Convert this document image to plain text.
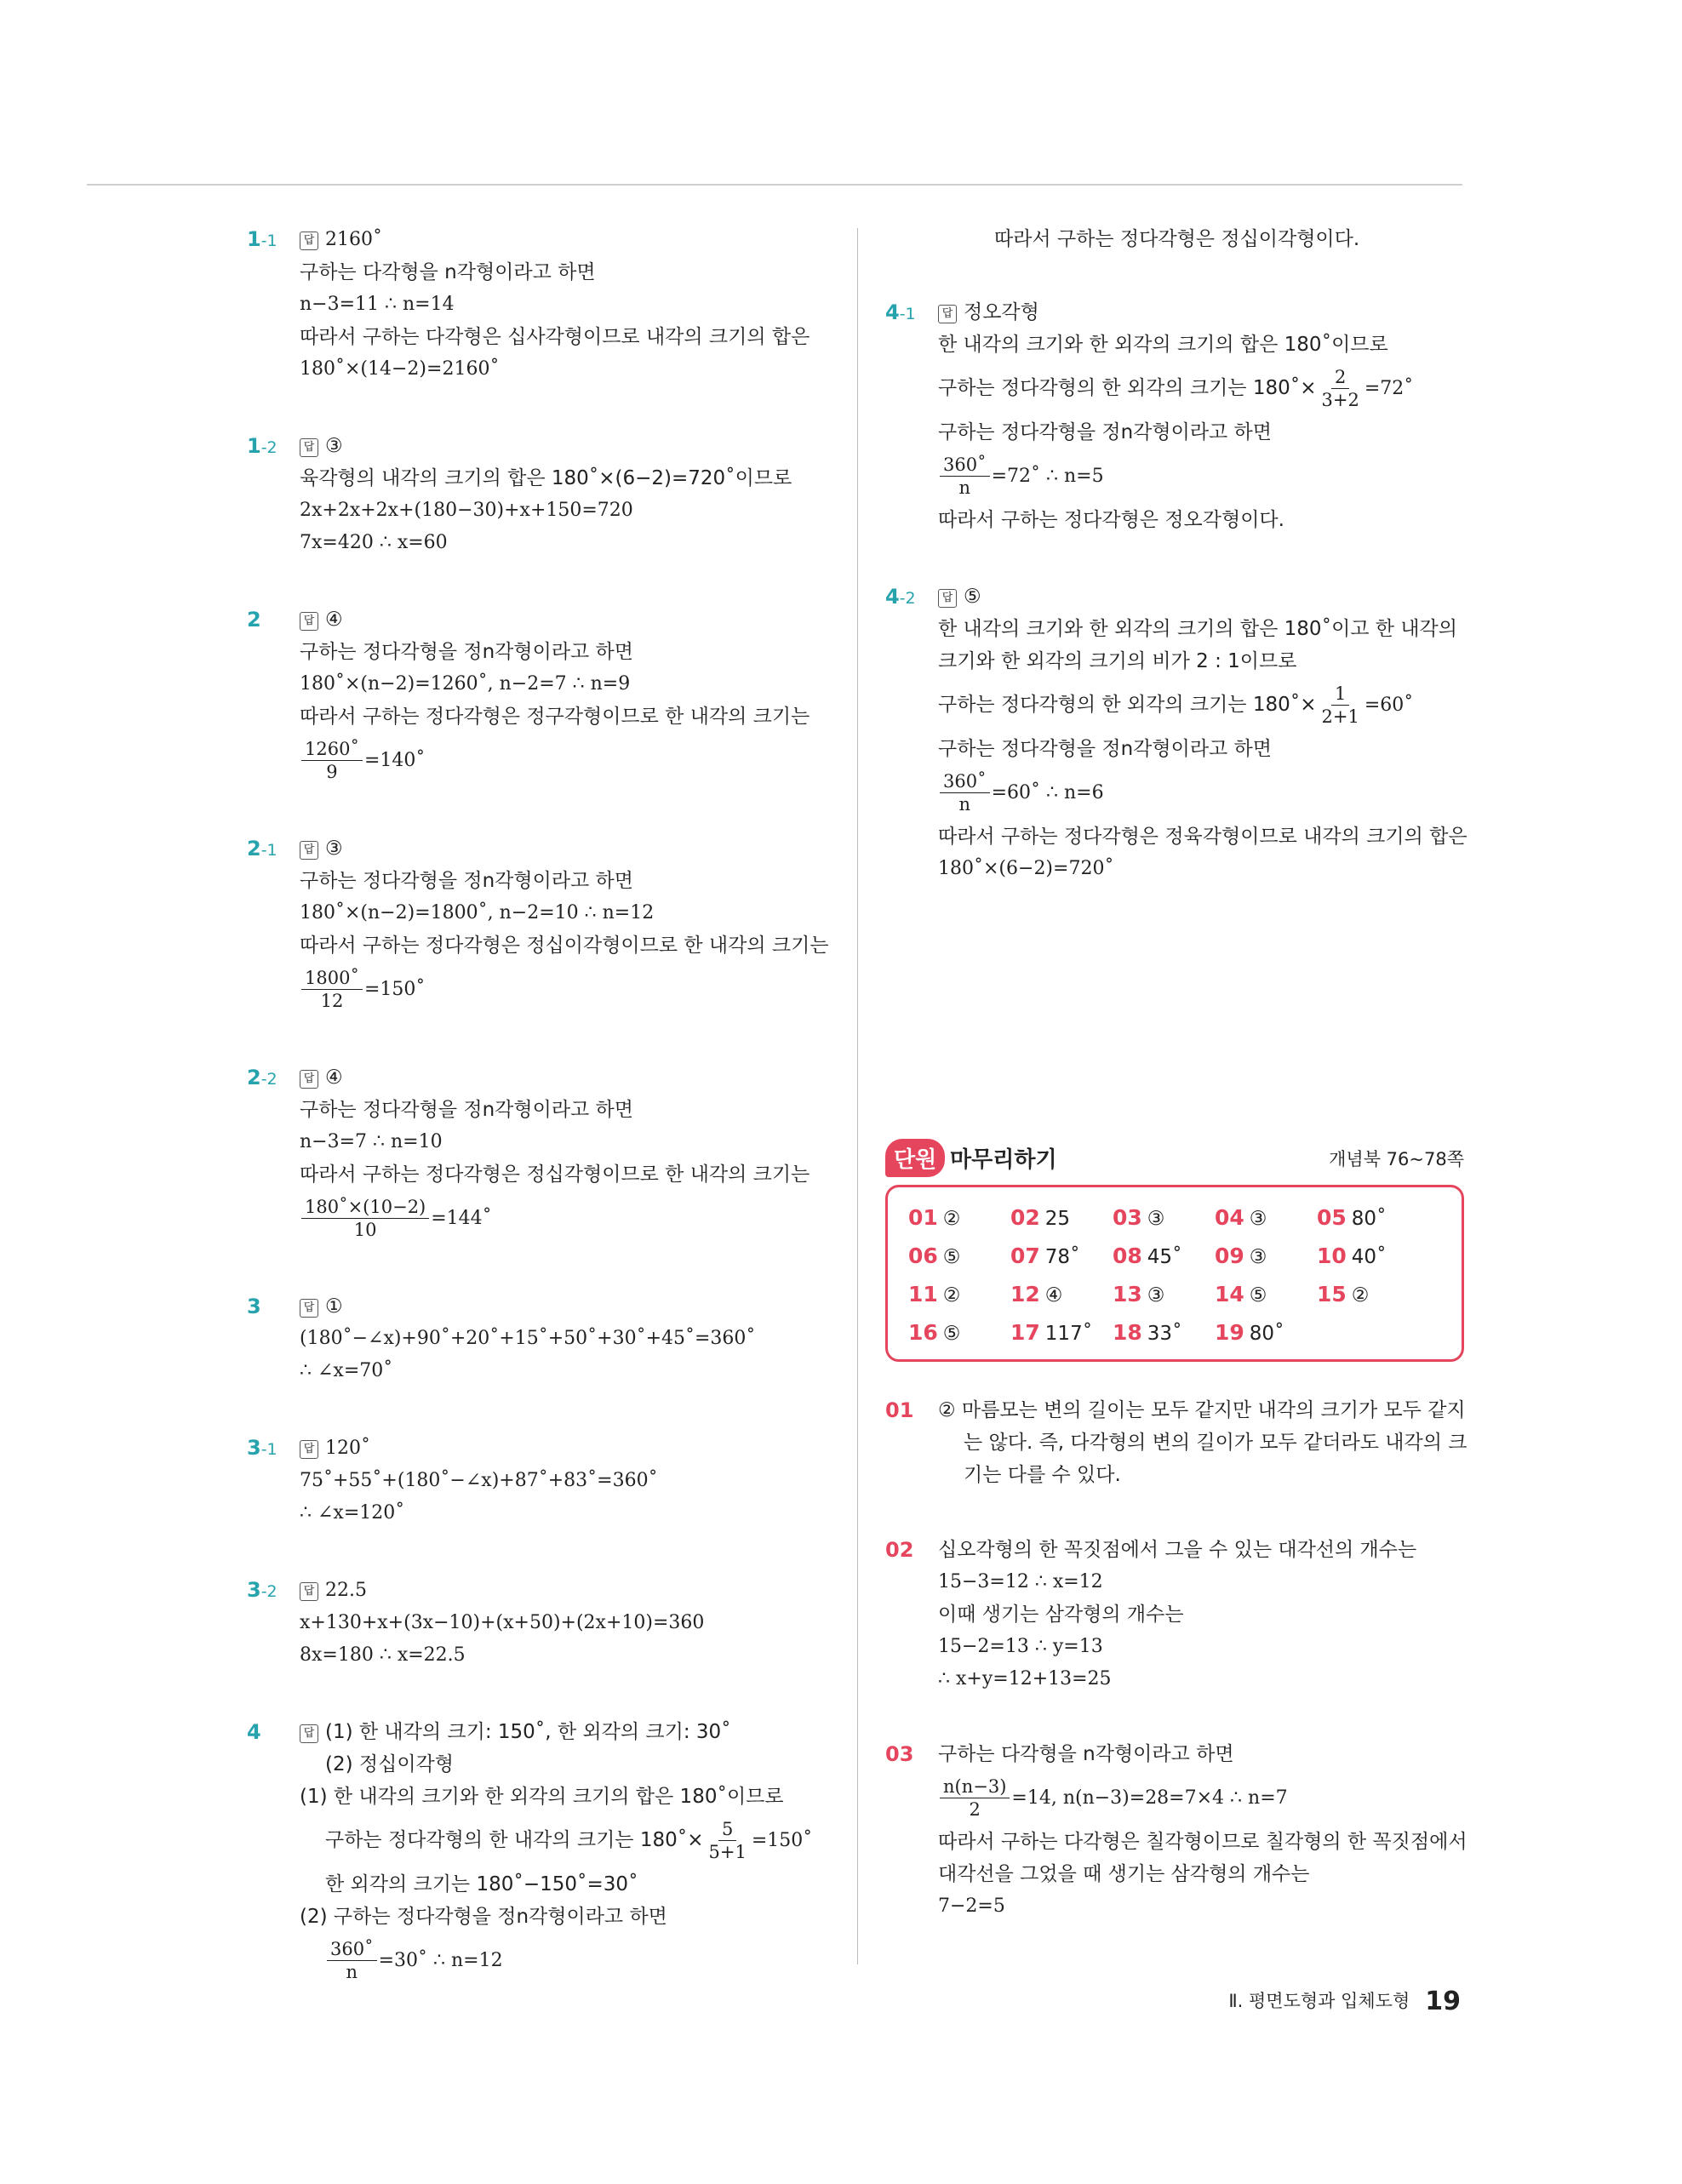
1-1	답 2160˚
구하는 다각형을 n각형이라고 하면
n−3=11 ∴ n=14
따라서 구하는 다각형은 십사각형이므로 내각의 크기의 합은
180˚×(14−2)=2160˚
1-2	답 ③
육각형의 내각의 크기의 합은 180˚×(6−2)=720˚이므로
2x+2x+2x+(180−30)+x+150=720
7x=420 ∴ x=60
2	답 ④
구하는 정다각형을 정n각형이라고 하면
180˚×(n−2)=1260˚, n−2=7 ∴ n=9
따라서 구하는 정다각형은 정구각형이므로 한 내각의 크기는
$\frac{1260˚}{9}$ =140˚
2-1	답 ③
구하는 정다각형을 정n각형이라고 하면
180˚×(n−2)=1800˚, n−2=10 ∴ n=12
따라서 구하는 정다각형은 정십이각형이므로 한 내각의 크기는
$\frac{1800˚}{12}$ =150˚
2-2	답 ④
구하는 정다각형을 정n각형이라고 하면
n−3=7 ∴ n=10
따라서 구하는 정다각형은 정십각형이므로 한 내각의 크기는
$\frac{180˚\times(10-2)}{10}$ =144˚
3	답 ①
(180˚−∠x)+90˚+20˚+15˚+50˚+30˚+45˚=360˚
∴ ∠x=70˚
3-1	답 120˚
75˚+55˚+(180˚−∠x)+87˚+83˚=360˚
∴ ∠x=120˚
3-2	답 22.5
x+130+x+(3x−10)+(x+50)+(2x+10)=360
8x=180 ∴ x=22.5
4	답 (1) 한 내각의 크기: 150˚, 한 외각의 크기: 30˚
(2) 정십이각형
(1) 한 내각의 크기와 한 외각의 크기의 합은 180˚이므로
구하는 정다각형의 한 내각의 크기는 180˚× $\frac{5}{5+1}$ =150˚
한 외각의 크기는 180˚−150˚=30˚
(2) 구하는 정다각형을 정n각형이라고 하면
$\frac{360˚}{n}$ =30˚ ∴ n=12
따라서 구하는 정다각형은 정십이각형이다.
4-1	답 정오각형
한 내각의 크기와 한 외각의 크기의 합은 180˚이므로
구하는 정다각형의 한 외각의 크기는 180˚× $\frac{2}{3+2}$ =72˚
구하는 정다각형을 정n각형이라고 하면
$\frac{360˚}{n}$ =72˚ ∴ n=5
따라서 구하는 정다각형은 정오각형이다.
4-2	답 ⑤
한 내각의 크기와 한 외각의 크기의 합은 180˚이고 한 내각의
크기와 한 외각의 크기의 비가 2 : 1이므로
구하는 정다각형의 한 외각의 크기는 180˚× $\frac{1}{2+1}$ =60˚
구하는 정다각형을 정n각형이라고 하면
$\frac{360˚}{n}$ =60˚ ∴ n=6
따라서 구하는 정다각형은 정육각형이므로 내각의 크기의 합은
180˚×(6−2)=720˚
단원 마무리하기	개념북 76~78쪽
01 ②	02 25	03 ③	04 ③	05 80˚
06 ⑤	07 78˚	08 45˚	09 ③	10 40˚
11 ②	12 ④	13 ③	14 ⑤	15 ②
16 ⑤	17 117˚ 18 33˚	19 80˚
01 ② 마름모는 변의 길이는 모두 같지만 내각의 크기가 모두 같지
는 않다. 즉, 다각형의 변의 길이가 모두 같더라도 내각의 크
기는 다를 수 있다.
02 십오각형의 한 꼭짓점에서 그을 수 있는 대각선의 개수는
15−3=12 ∴ x=12
이때 생기는 삼각형의 개수는
15−2=13 ∴ y=13
∴ x+y=12+13=25
03 구하는 다각형을 n각형이라고 하면
$\frac{n(n-3)}{2} =14$, n(n−3)=28=7×4 ∴ n=7
따라서 구하는 다각형은 칠각형이므로 칠각형의 한 꼭짓점에서
대각선을 그었을 때 생기는 삼각형의 개수는
7−2=5
Ⅱ. 평면도형과 입체도형 19
